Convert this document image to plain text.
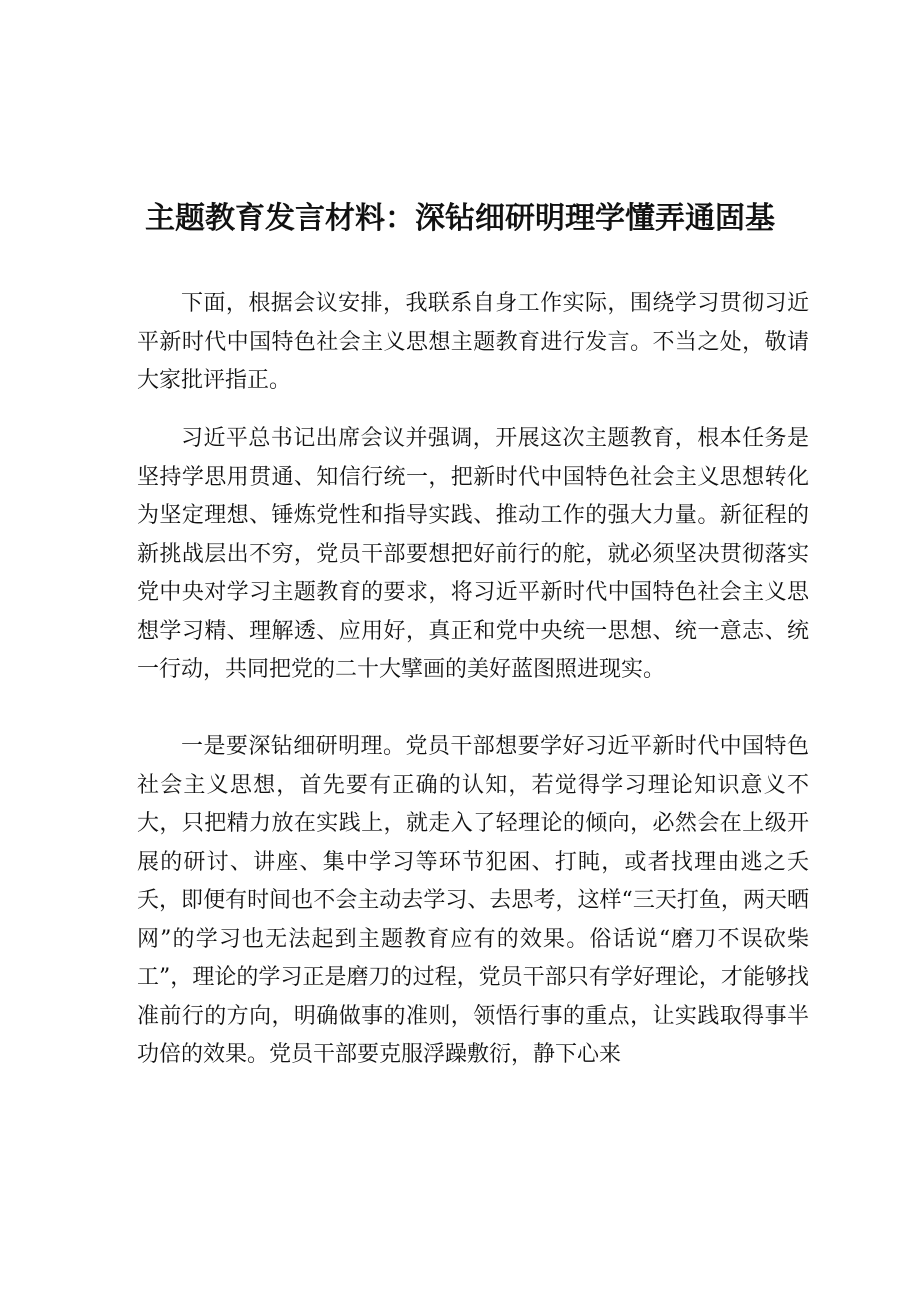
主题教育发言材料：深钻细研明理学懂弄通固基

下面，根据会议安排，我联系自身工作实际，围绕学习贯彻习近平新时代中国特色社会主义思想主题教育进行发言。不当之处，敬请大家批评指正。

习近平总书记出席会议并强调，开展这次主题教育，根本任务是坚持学思用贯通、知信行统一，把新时代中国特色社会主义思想转化为坚定理想、锤炼党性和指导实践、推动工作的强大力量。新征程的新挑战层出不穷，党员干部要想把好前行的舵，就必须坚决贯彻落实党中央对学习主题教育的要求，将习近平新时代中国特色社会主义思想学习精、理解透、应用好，真正和党中央统一思想、统一意志、统一行动，共同把党的二十大擘画的美好蓝图照进现实。

一是要深钻细研明理。党员干部想要学好习近平新时代中国特色社会主义思想，首先要有正确的认知，若觉得学习理论知识意义不大，只把精力放在实践上，就走入了轻理论的倾向，必然会在上级开展的研讨、讲座、集中学习等环节犯困、打盹，或者找理由逃之夭夭，即便有时间也不会主动去学习、去思考，这样“三天打鱼，两天晒网”的学习也无法起到主题教育应有的效果。俗话说“磨刀不误砍柴工”，理论的学习正是磨刀的过程，党员干部只有学好理论，才能够找准前行的方向，明确做事的准则，领悟行事的重点，让实践取得事半功倍的效果。党员干部要克服浮躁敷衍，静下心来
